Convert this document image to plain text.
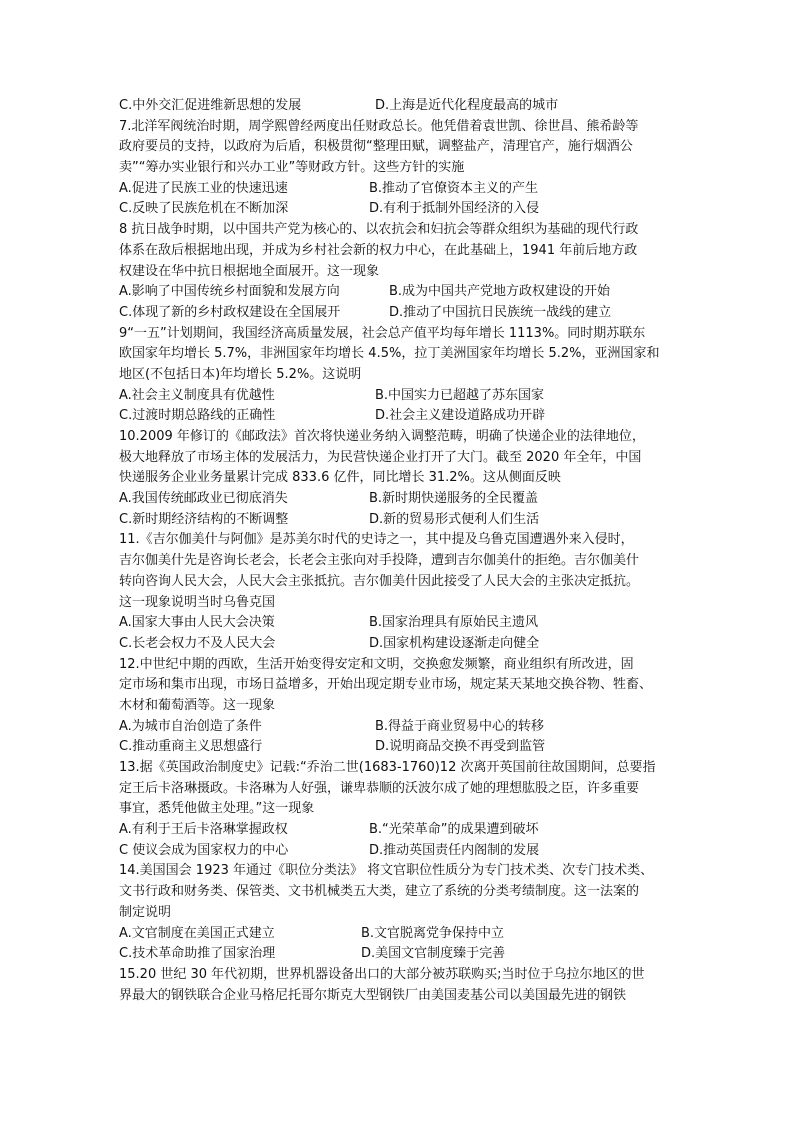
C.中外交汇促进维新思想的发展	D.上海是近代化程度最高的城市
7.北洋军阀统治时期，周学熙曾经两度出任财政总长。他凭借着袁世凯、徐世昌、熊希龄等
政府要员的支持，以政府为后盾，积极贯彻“整理田赋，调整盐产，清理官产，施行烟酒公
卖”“筹办实业银行和兴办工业”等财政方针。这些方针的实施
A.促进了民族工业的快速迅速	B.推动了官僚资本主义的产生
C.反映了民族危机在不断加深	D.有利于抵制外国经济的入侵
8 抗日战争时期，以中国共产党为核心的、以农抗会和妇抗会等群众组织为基础的现代行政
体系在敌后根据地出现，并成为乡村社会新的权力中心，在此基础上，1941 年前后地方政
权建设在华中抗日根据地全面展开。这一现象
A.影响了中国传统乡村面貌和发展方向	B.成为中国共产党地方政权建设的开始
C.体现了新的乡村政权建设在全国展开	D.推动了中国抗日民族统一战线的建立
9“一五”计划期间，我国经济高质量发展，社会总产值平均每年增长 1113%。同时期苏联东
欧国家年均增长 5.7%，非洲国家年均增长 4.5%，拉丁美洲国家年均增长 5.2%，亚洲国家和
地区(不包括日本)年均增长 5.2%。这说明
A.社会主义制度具有优越性	B.中国实力已超越了苏东国家
C.过渡时期总路线的正确性	D.社会主义建设道路成功开辟
10.2009 年修订的《邮政法》首次将快递业务纳入调整范畴，明确了快递企业的法律地位，
极大地释放了市场主体的发展活力，为民营快递企业打开了大门。截至 2020 年全年，中国
快递服务企业业务量累计完成 833.6 亿件，同比增长 31.2%。这从侧面反映
A.我国传统邮政业已彻底消失	B.新时期快递服务的全民覆盖
C.新时期经济结构的不断调整	D.新的贸易形式便利人们生活
11.《吉尔伽美什与阿伽》是苏美尔时代的史诗之一，其中提及乌鲁克国遭遇外来入侵时，
吉尔伽美什先是咨询长老会，长老会主张向对手投降，遭到吉尔伽美什的拒绝。吉尔伽美什
转向咨询人民大会，人民大会主张抵抗。吉尔伽美什因此接受了人民大会的主张决定抵抗。
这一现象说明当时乌鲁克国
A.国家大事由人民大会决策	B.国家治理具有原始民主遗风
C.长老会权力不及人民大会	D.国家机构建设逐渐走向健全
12.中世纪中期的西欧，生活开始变得安定和文明，交换愈发频繁，商业组织有所改进，固
定市场和集市出现，市场日益增多，开始出现定期专业市场，规定某天某地交换谷物、牲畜、
木材和葡萄酒等。这一现象
A.为城市自治创造了条件	B.得益于商业贸易中心的转移
C.推动重商主义思想盛行	D.说明商品交换不再受到监管
13.据《英国政治制度史》记载:“乔治二世(1683-1760)12 次离开英国前往故国期间，总要指
定王后卡洛琳摄政。卡洛琳为人好强，谦卑恭顺的沃波尔成了她的理想肱股之臣，许多重要
事宜，悉凭他做主处理。”这一现象
A.有利于王后卡洛琳掌握政权	B.“光荣革命”的成果遭到破坏
C 使议会成为国家权力的中心	D.推动英国责任内阁制的发展
14.美国国会 1923 年通过《职位分类法》 将文官职位性质分为专门技术类、次专门技术类、
文书行政和财务类、保管类、文书机械类五大类，建立了系统的分类考绩制度。这一法案的
制定说明
A.文官制度在美国正式建立	B.文官脱离党争保持中立
C.技术革命助推了国家治理	D.美国文官制度臻于完善
15.20 世纪 30 年代初期，世界机器设备出口的大部分被苏联购买;当时位于乌拉尔地区的世
界最大的钢铁联合企业马格尼托哥尔斯克大型钢铁厂由美国麦基公司以美国最先进的钢铁
